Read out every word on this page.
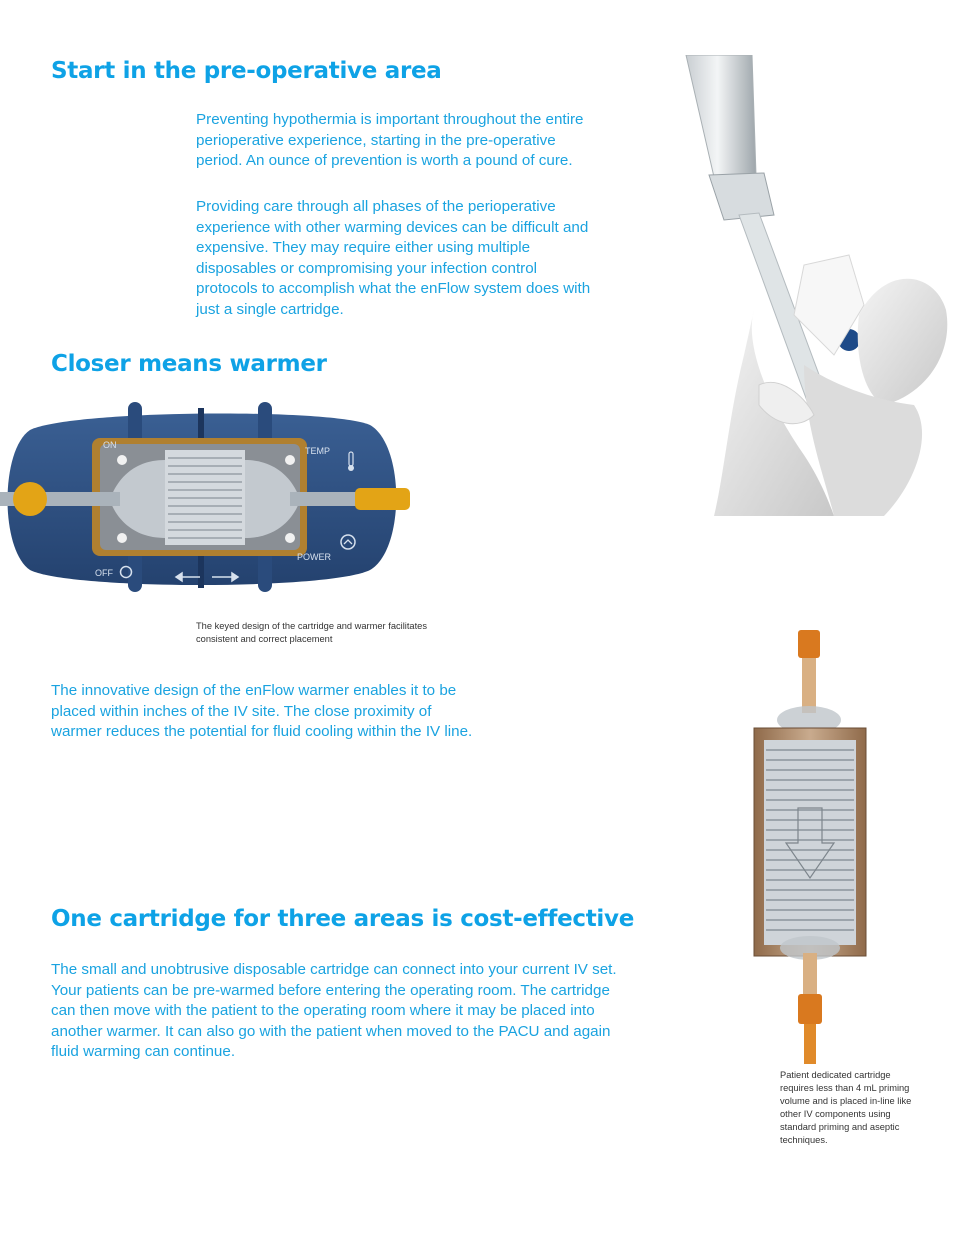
Start in the pre-operative area

Preventing hypothermia is important throughout the entire perioperative experience, starting in the pre-operative period. An ounce of prevention is worth a pound of cure.

Providing care through all phases of the perioperative experience with other warming devices can be difficult and expensive. They may require either using multiple disposables or compromising your infection control protocols to accomplish what the enFlow system does with just a single cartridge.

Closer means warmer
ON
TEMP
OFF
POWER

The keyed design of the cartridge and warmer facilitates consistent and correct placement

The innovative design of the enFlow warmer enables it to be placed within inches of the IV site. The close proximity of warmer reduces the potential for fluid cooling within the IV line.

One cartridge for three areas is cost-effective

The small and unobtrusive disposable cartridge can connect into your current IV set. Your patients can be pre-warmed before entering the operating room. The cartridge can then move with the patient to the operating room where it may be placed into another warmer. It can also go with the patient when moved to the PACU and again fluid warming can continue.

Patient dedicated cartridge requires less than 4 mL priming volume and is placed in-line like other IV components using standard priming and aseptic techniques.
